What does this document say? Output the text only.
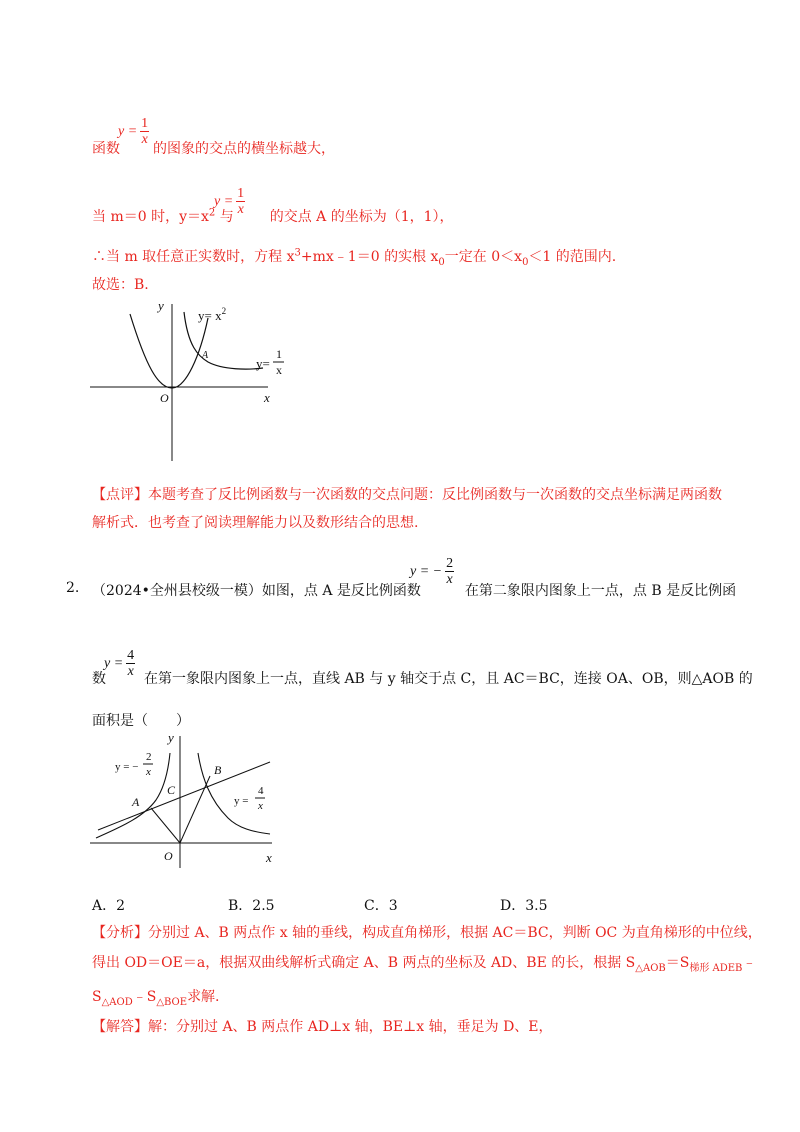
$y = \frac{1}{x}$
函数 的图象的交点的横坐标越大，
$y = \frac{1}{x}$
当 m＝0 时，$y=x^2$ 与	的交点 A 的坐标为（1，1），
∴当 m 取任意正实数时，方程 $x^3+mx﹣1=0$ 的实根 $x_0$一定在 $0<x_0<1$ 的范围内.
故选：B.
y
x
O
A
$y= x^2$
y=
1
x
【点评】本题考查了反比例函数与一次函数的交点问题：反比例函数与一次函数的交点坐标满足两函数
解析式．也考查了阅读理解能力以及数形结合的思想.
2.
y = − $\frac{2}{x}$
（2024•全州县校级一模）如图，点 A 是反比例函数	在第二象限内图象上一点，点 B 是反比例函
$y = \frac{4}{x}$
数	在第一象限内图象上一点，直线 AB 与 y 轴交于点 C，且 AC＝BC，连接 OA、OB，则△AOB 的
面积是（　　）
y
x
O
A
B
C
y = −
2
x
y =
4
x
A．2	B．2.5	C．3	D．3.5
【分析】分别过 A、B 两点作 x 轴的垂线，构成直角梯形，根据 AC＝BC，判断 OC 为直角梯形的中位线，
得出 OD＝OE＝a，根据双曲线解析式确定 A、B 两点的坐标及 AD、BE 的长，根据 $S_{\triangle AOB}=S_{梯形 ADEB}﹣$
$S_{\triangle AOD}﹣S_{\triangle BOE}$求解.
【解答】解：分别过 A、B 两点作 AD⊥x 轴，BE⊥x 轴，垂足为 D、E，
